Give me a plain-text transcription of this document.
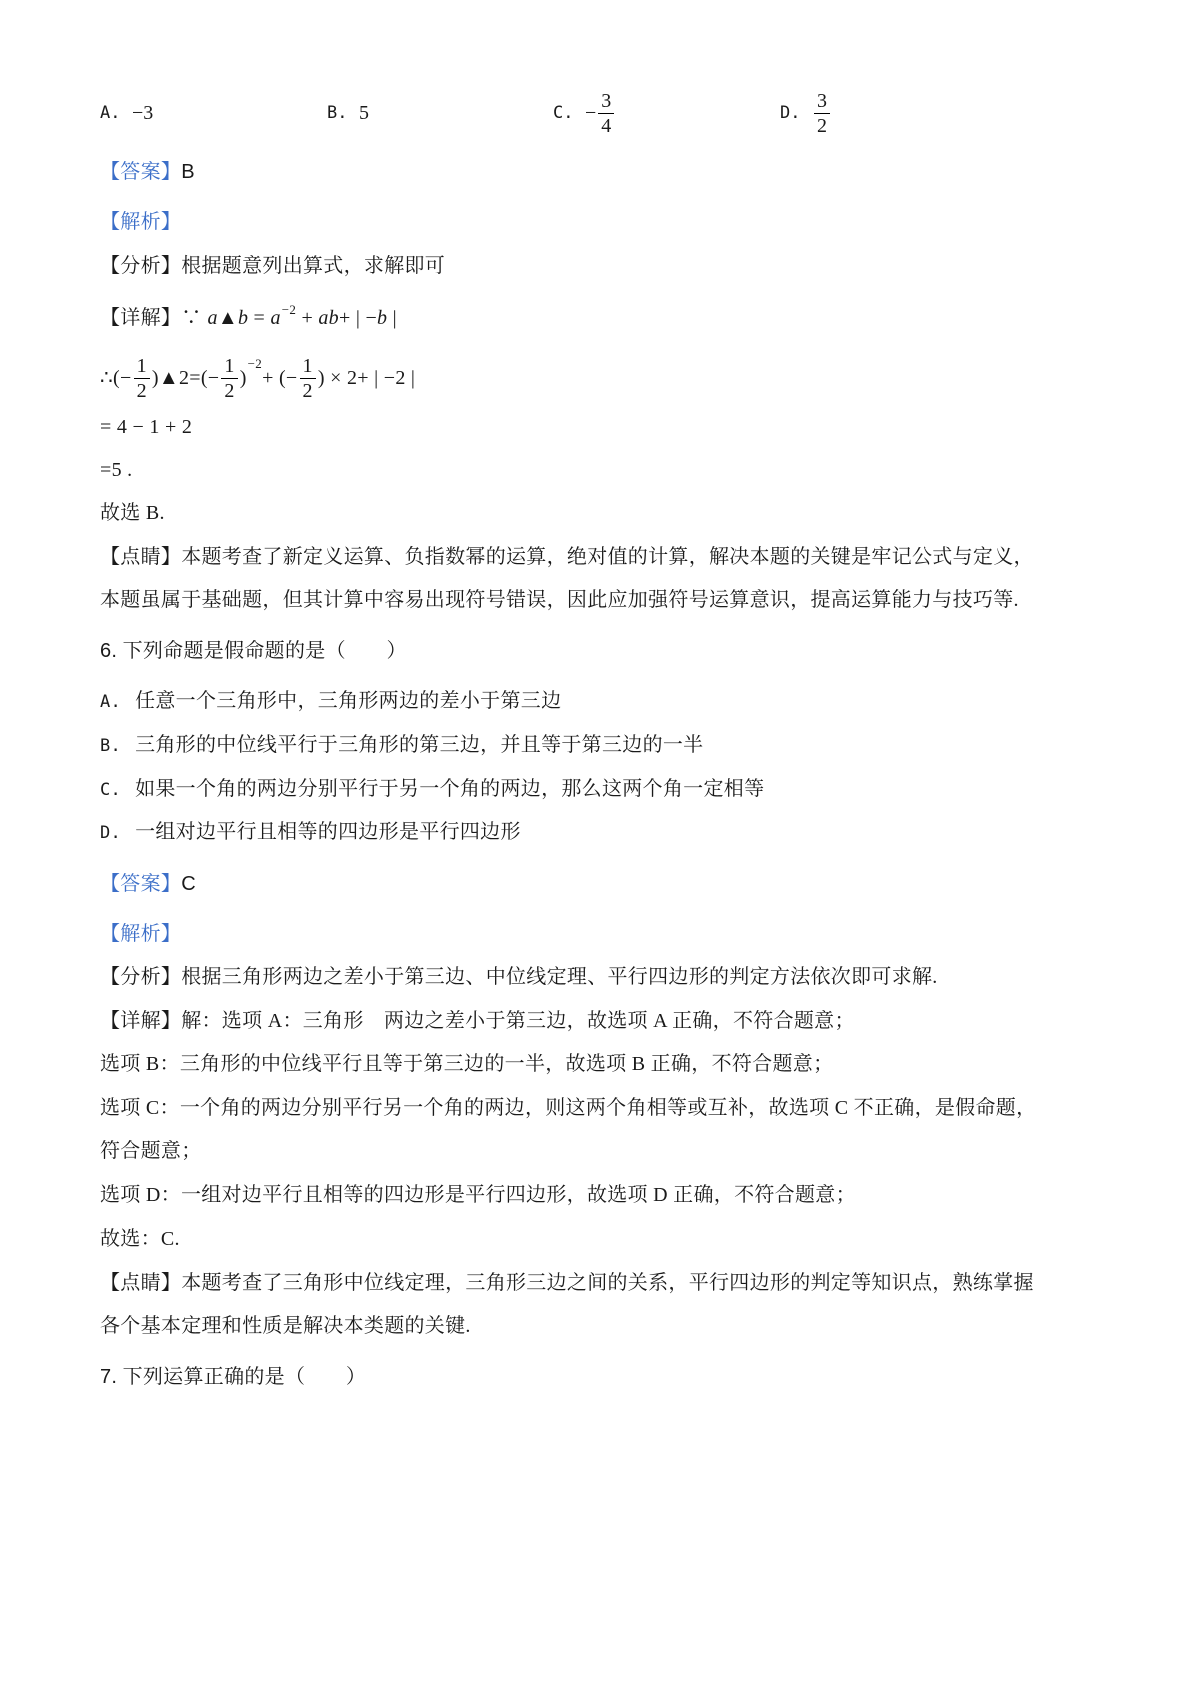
A. −3	B. 5	C. − $\frac{3}{4}$	D. $\frac{3}{2}$
【答案】B
【解析】
【分析】根据题意列出算式，求解即可
【详解】∵ a▲b = $a^{-2} + ab+$ | −b |
∴ (− $\frac{1}{2}$ )▲2=(− $\frac{1}{2}$ )
−2
+ (− $\frac{1}{2}$ ) × 2+ | −2 |
= 4 − 1 + 2
=5 .
故选 B.
【点睛】本题考查了新定义运算、负指数幂的运算，绝对值的计算，解决本题的关键是牢记公式与定义，
本题虽属于基础题，但其计算中容易出现符号错误，因此应加强符号运算意识，提高运算能力与技巧等.
6. 下列命题是假命题的是（　　）
A. 任意一个三角形中，三角形两边的差小于第三边
B. 三角形的中位线平行于三角形的第三边，并且等于第三边的一半
C. 如果一个角的两边分别平行于另一个角的两边，那么这两个角一定相等
D. 一组对边平行且相等的四边形是平行四边形
【答案】C
【解析】
【分析】根据三角形两边之差小于第三边、中位线定理、平行四边形的判定方法依次即可求解.
【详解】解：选项 A：三角形　两边之差小于第三边，故选项 A 正确，不符合题意；
选项 B：三角形的中位线平行且等于第三边的一半，故选项 B 正确，不符合题意；
选项 C：一个角的两边分别平行另一个角的两边，则这两个角相等或互补，故选项 C 不正确，是假命题，
符合题意；
选项 D：一组对边平行且相等的四边形是平行四边形，故选项 D 正确，不符合题意；
故选：C.
【点睛】本题考查了三角形中位线定理，三角形三边之间的关系，平行四边形的判定等知识点，熟练掌握
各个基本定理和性质是解决本类题的关键.
7. 下列运算正确的是（　　）
